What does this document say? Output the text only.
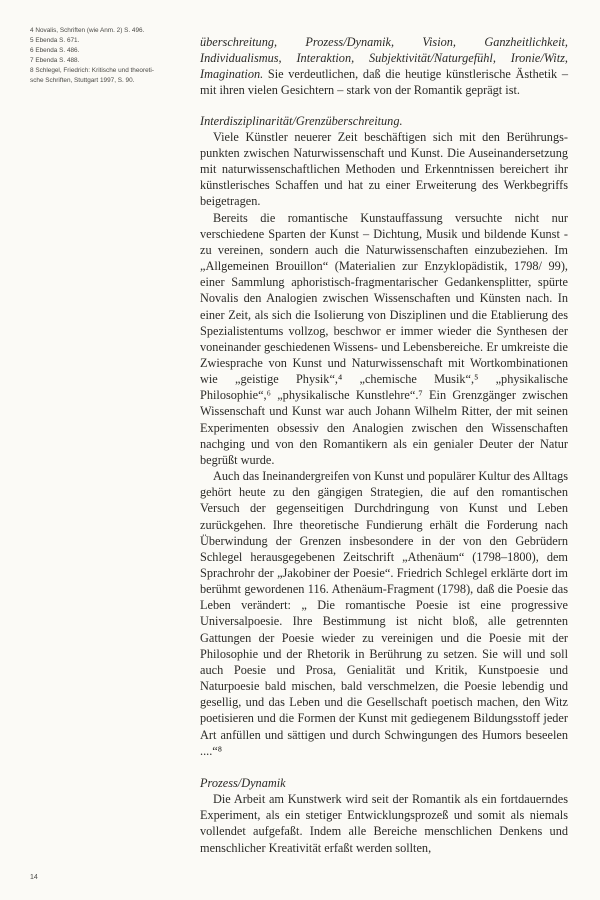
4 Novalis, Schriften (wie Anm. 2) S. 496.

5 Ebenda S. 671.

6 Ebenda S. 486.

7 Ebenda S. 488.

8 Schlegel, Friedrich: Kritische und theoreti-

sche Schriften, Stuttgart 1997, S. 90.

überschreitung, Prozess/Dynamik, Vision, Ganzheitlichkeit, Individualismus, Interaktion, Subjektivität/Naturgefühl, Ironie/Witz, Imagination. Sie verdeutlichen, daß die heutige künstlerische Ästhetik – mit ihren vielen Gesichtern – stark von der Romantik geprägt ist.

Interdisziplinarität/Grenzüberschreitung.

Viele Künstler neuerer Zeit beschäftigen sich mit den Berührungspunkten zwischen Naturwissenschaft und Kunst. Die Auseinandersetzung mit naturwissenschaftlichen Methoden und Erkenntnissen bereichert ihr künstlerisches Schaffen und hat zu einer Erweiterung des Werkbegriffs beigetragen.

Bereits die romantische Kunstauffassung versuchte nicht nur verschiedene Sparten der Kunst – Dichtung, Musik und bildende Kunst - zu vereinen, sondern auch die Naturwissenschaften einzubeziehen. Im „Allgemeinen Brouillon“ (Materialien zur Enzyklopädistik, 1798/ 99), einer Sammlung aphoristisch-fragmentarischer Gedankensplitter, spürte Novalis den Analogien zwischen Wissenschaften und Künsten nach. In einer Zeit, als sich die Isolierung von Disziplinen und die Etablierung des Spezialistentums vollzog, beschwor er immer wieder die Synthesen der voneinander geschiedenen Wissens- und Lebensbereiche. Er umkreiste die Zwiesprache von Kunst und Naturwissenschaft mit Wortkombinationen wie „geistige Physik“,⁴ „chemische Musik“,⁵ „physikalische Philosophie“,⁶ „physikalische Kunstlehre“.⁷ Ein Grenzgänger zwischen Wissenschaft und Kunst war auch Johann Wilhelm Ritter, der mit seinen Experimenten obsessiv den Analogien zwischen den Wissenschaften nachging und von den Romantikern als ein genialer Deuter der Natur begrüßt wurde.

Auch das Ineinandergreifen von Kunst und populärer Kultur des Alltags gehört heute zu den gängigen Strategien, die auf den romantischen Versuch der gegenseitigen Durchdringung von Kunst und Leben zurückgehen. Ihre theoretische Fundierung erhält die Forderung nach Überwindung der Grenzen insbesondere in der von den Gebrüdern Schlegel herausgegebenen Zeitschrift „Athenäum“ (1798–1800), dem Sprachrohr der „Jakobiner der Poesie“. Friedrich Schlegel erklärte dort im berühmt gewordenen 116. Athenäum-Fragment (1798), daß die Poesie das Leben verändert: „ Die romantische Poesie ist eine progressive Universalpoesie. Ihre Bestimmung ist nicht bloß, alle getrennten Gattungen der Poesie wieder zu vereinigen und die Poesie mit der Philosophie und der Rhetorik in Berührung zu setzen. Sie will und soll auch Poesie und Prosa, Genialität und Kritik, Kunstpoesie und Naturpoesie bald mischen, bald verschmelzen, die Poesie lebendig und gesellig, und das Leben und die Gesellschaft poetisch machen, den Witz poetisieren und die Formen der Kunst mit gediegenem Bildungsstoff jeder Art anfüllen und sättigen und durch Schwingungen des Humors beseelen ....“⁸

Prozess/Dynamik

Die Arbeit am Kunstwerk wird seit der Romantik als ein fortdauerndes Experiment, als ein stetiger Entwicklungsprozeß und somit als niemals vollendet aufgefaßt. Indem alle Bereiche menschlichen Denkens und menschlicher Kreativität erfaßt werden sollten,

14
